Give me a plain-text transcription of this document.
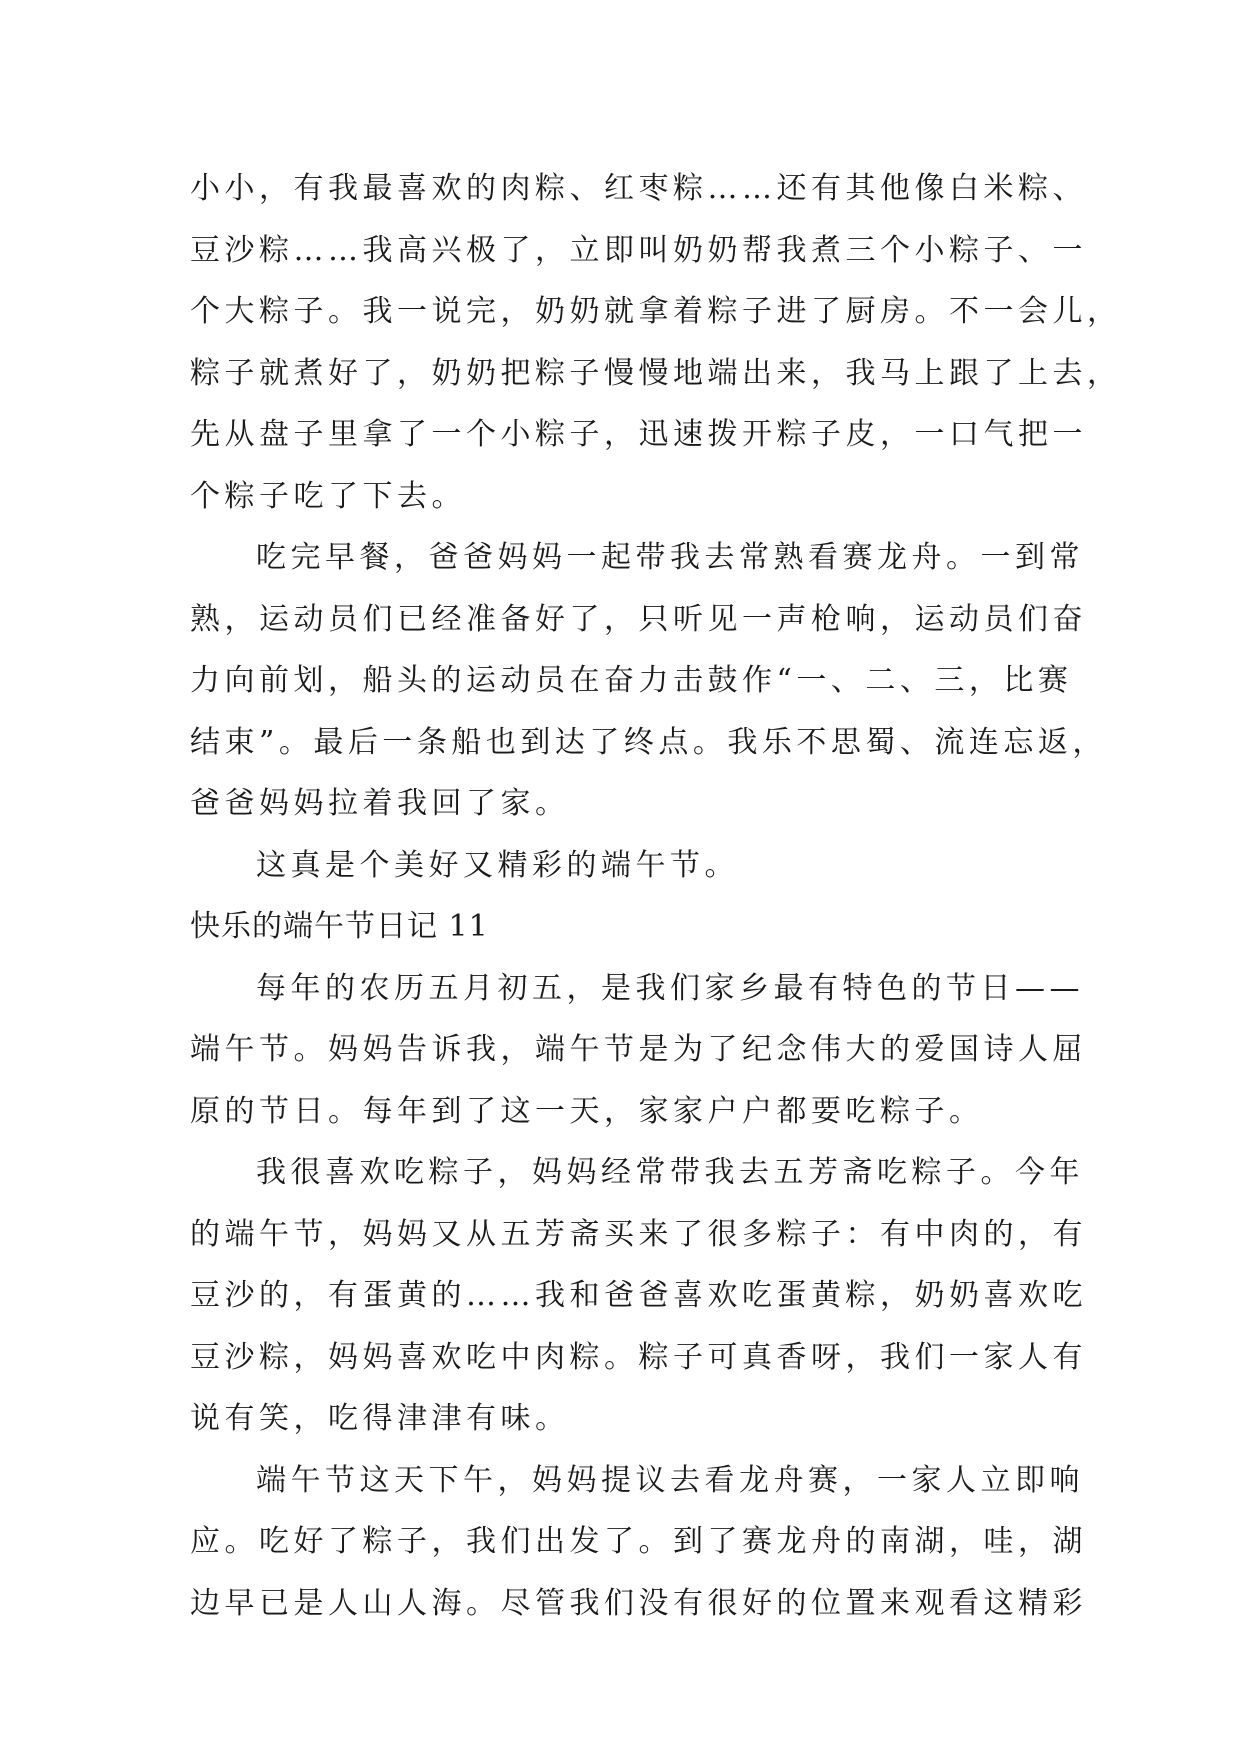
小小，有我最喜欢的肉粽、红枣粽……还有其他像白米粽、
豆沙粽……我高兴极了，立即叫奶奶帮我煮三个小粽子、一
个大粽子。我一说完，奶奶就拿着粽子进了厨房。不一会儿，
粽子就煮好了，奶奶把粽子慢慢地端出来，我马上跟了上去，
先从盘子里拿了一个小粽子，迅速拨开粽子皮，一口气把一
个粽子吃了下去。
吃完早餐，爸爸妈妈一起带我去常熟看赛龙舟。一到常
熟，运动员们已经准备好了，只听见一声枪响，运动员们奋
力向前划，船头的运动员在奋力击鼓作“一、二、三，比赛
结束”。最后一条船也到达了终点。我乐不思蜀、流连忘返，
爸爸妈妈拉着我回了家。
这真是个美好又精彩的端午节。
快乐的端午节日记 11
每年的农历五月初五，是我们家乡最有特色的节日——
端午节。妈妈告诉我，端午节是为了纪念伟大的爱国诗人屈
原的节日。每年到了这一天，家家户户都要吃粽子。
我很喜欢吃粽子，妈妈经常带我去五芳斋吃粽子。今年
的端午节，妈妈又从五芳斋买来了很多粽子：有中肉的，有
豆沙的，有蛋黄的……我和爸爸喜欢吃蛋黄粽，奶奶喜欢吃
豆沙粽，妈妈喜欢吃中肉粽。粽子可真香呀，我们一家人有
说有笑，吃得津津有味。
端午节这天下午，妈妈提议去看龙舟赛，一家人立即响
应。吃好了粽子，我们出发了。到了赛龙舟的南湖，哇，湖
边早已是人山人海。尽管我们没有很好的位置来观看这精彩
